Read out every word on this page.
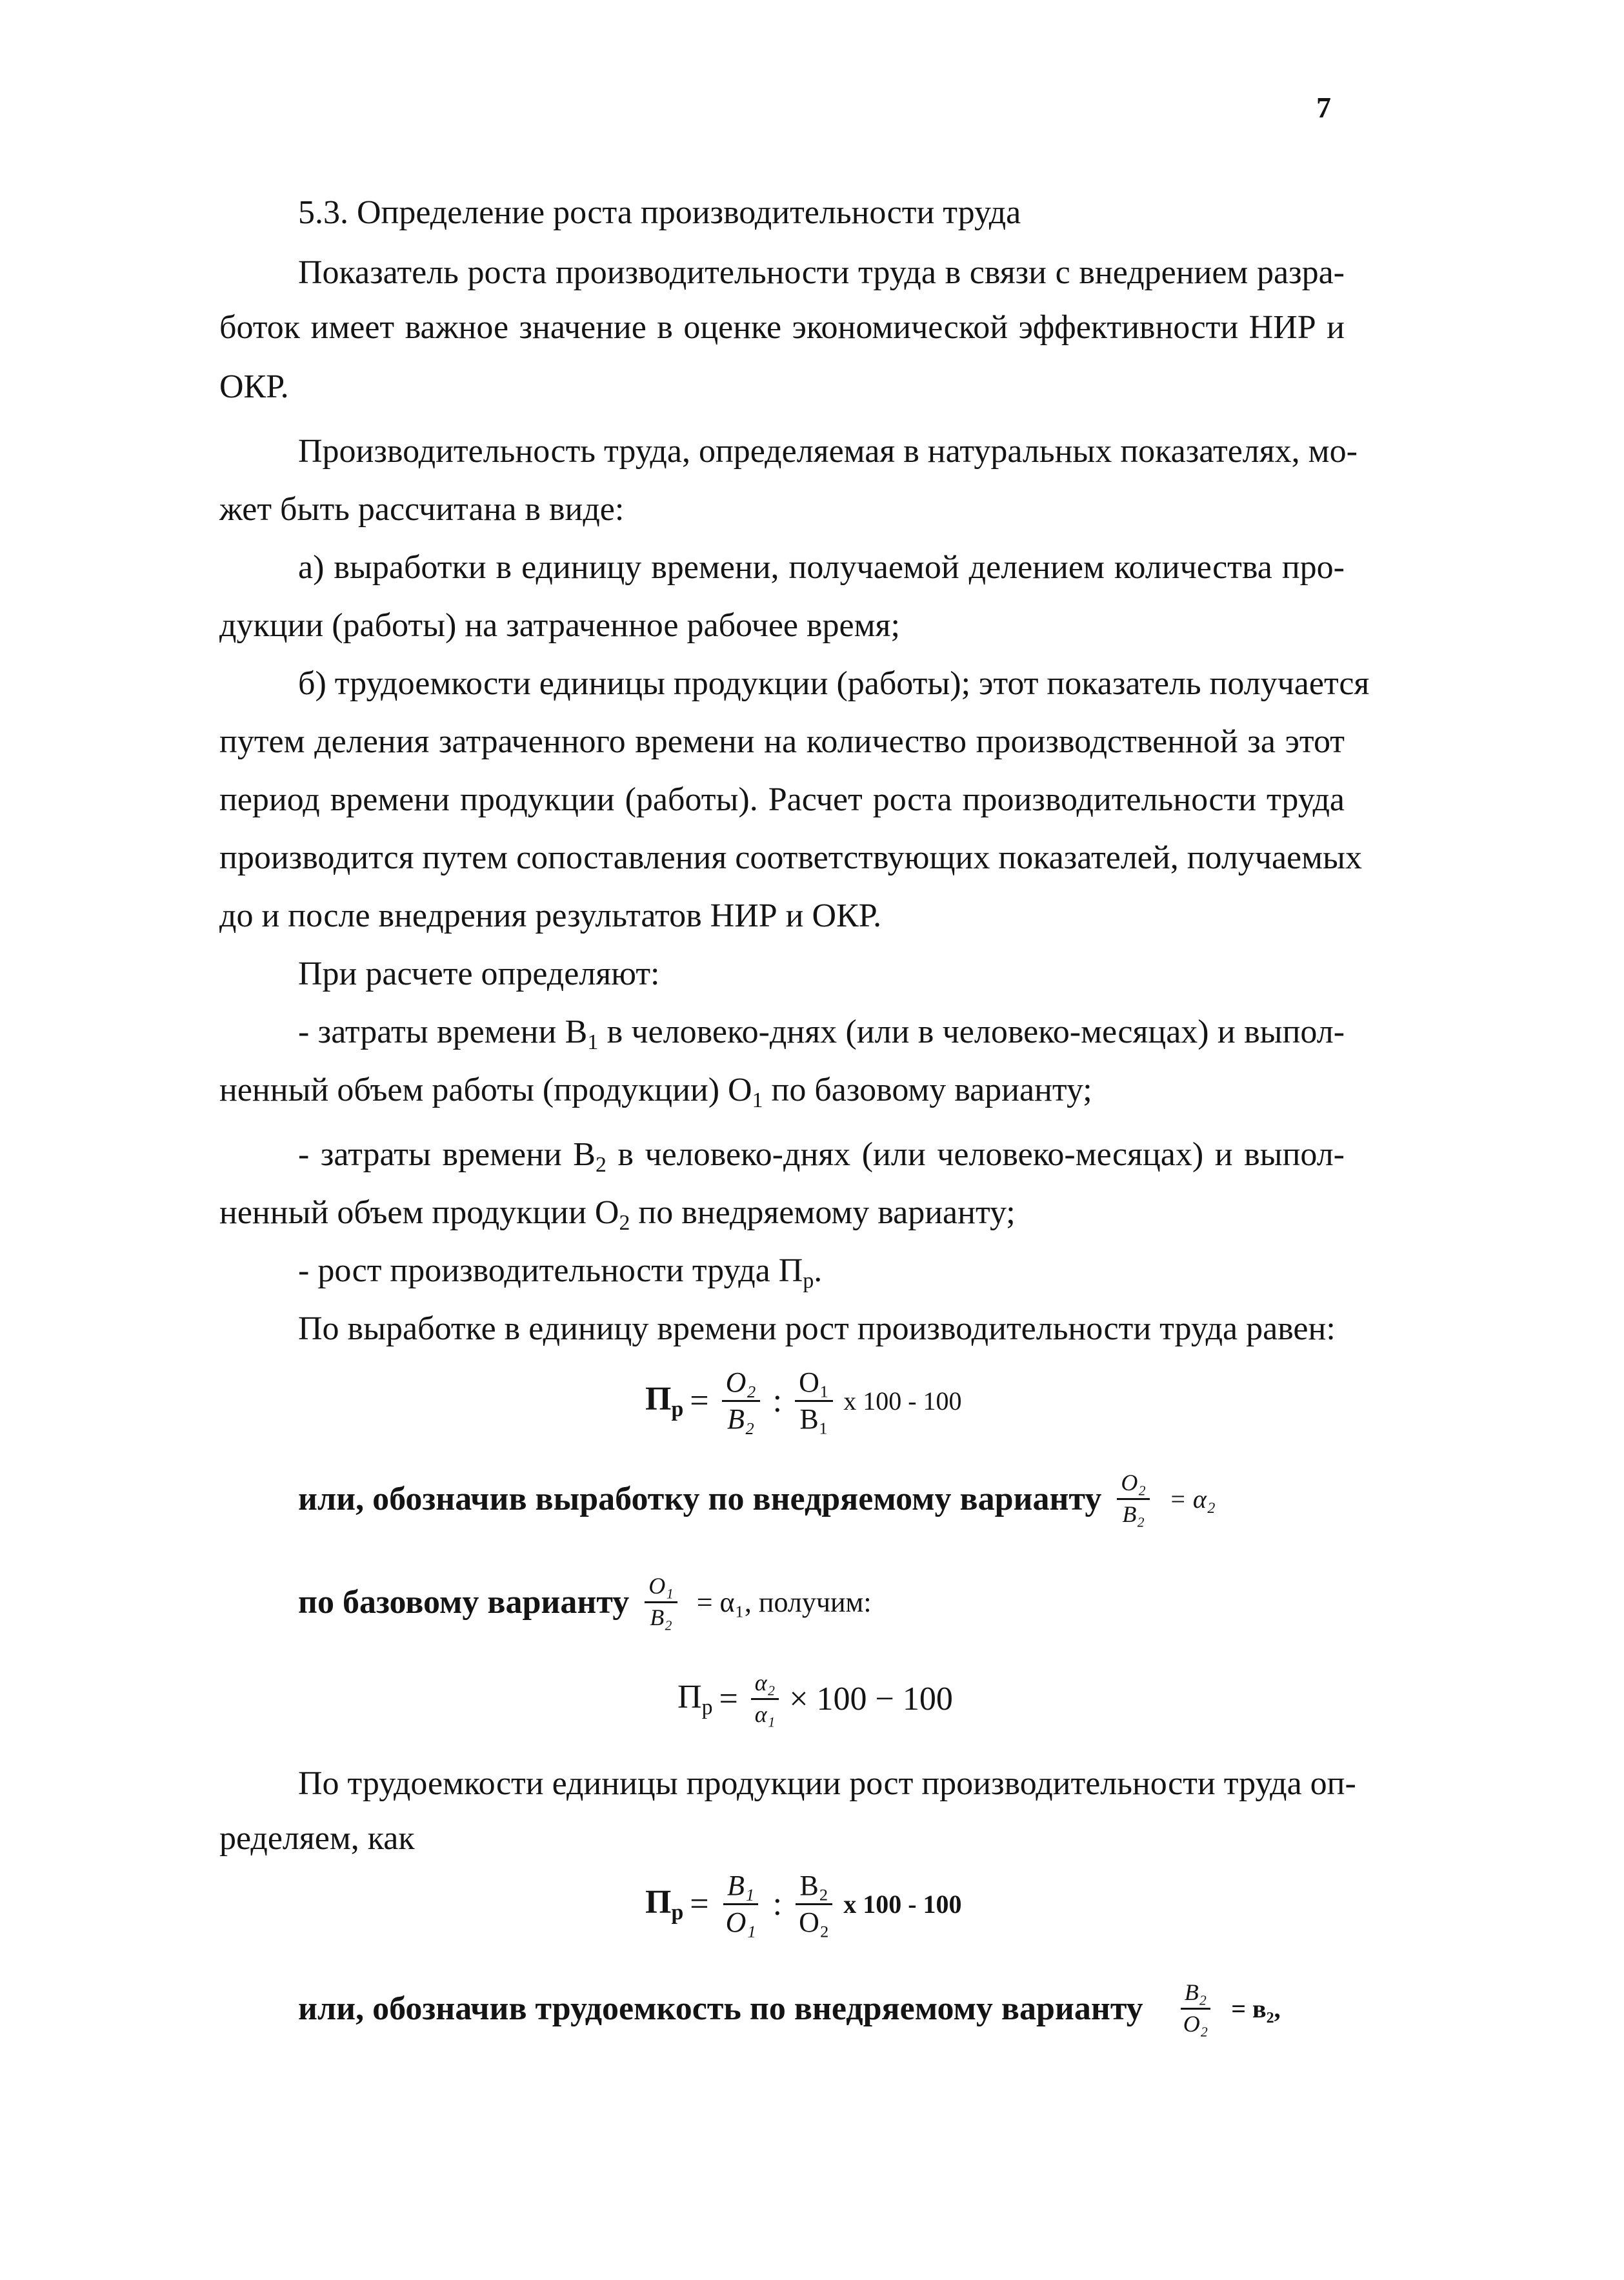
7
5.3. Определение роста производительности труда
Показатель роста производительности труда в связи с внедрением разра-
боток имеет важное значение в оценке экономической эффективности НИР и
ОКР.
Производительность труда, определяемая в натуральных показателях, мо-
жет быть рассчитана в виде:
а) выработки в единицу времени, получаемой делением количества про-
дукции (работы) на затраченное рабочее время;
б) трудоемкости единицы продукции (работы); этот показатель получается
путем деления затраченного времени на количество производственной за этот
период времени продукции (работы). Расчет роста производительности труда
производится путем сопоставления соответствующих показателей, получаемых
до и после внедрения результатов НИР и ОКР.
При расчете определяют:
- затраты времени $В_1$ в человеко-днях (или в человеко-месяцах) и выпол-
ненный объем работы (продукции) $О_1$ по базовому варианту;
- затраты времени $В_2$ в человеко-днях (или человеко-месяцах) и выпол-
ненный объем продукции $О_2$ по внедряемому варианту;
- рост производительности труда $П_р$.
По выработке в единицу времени рост производительности труда равен:
$П_р = \frac{\text{O₂}}{\text{B₂}}$ : $\frac{\text{O₁}}{\text{В₁}}$ х 100 - 100
или, обозначив выработку по внедряемому варианту $\frac{\text{O₂}}{\text{B₂}} = \alpha_2$
по базовому варианту $\frac{\text{O₁}}{\text{B₂}} = \alpha_1$, получим:
$П_р = \frac{\text{α₂}}{\text{α₁}} \times 100 - 100$
По трудоемкости единицы продукции рост производительности труда оп-
ределяем, как
$П_р = \frac{\text{B₁}}{\text{O₁}}$ : $\frac{\text{В₂}}{\text{О₂}}$ х 100 - 100
или, обозначив трудоемкость по внедряемому варианту $\frac{\text{B₂}}{\text{O₂}} = в_2$,
